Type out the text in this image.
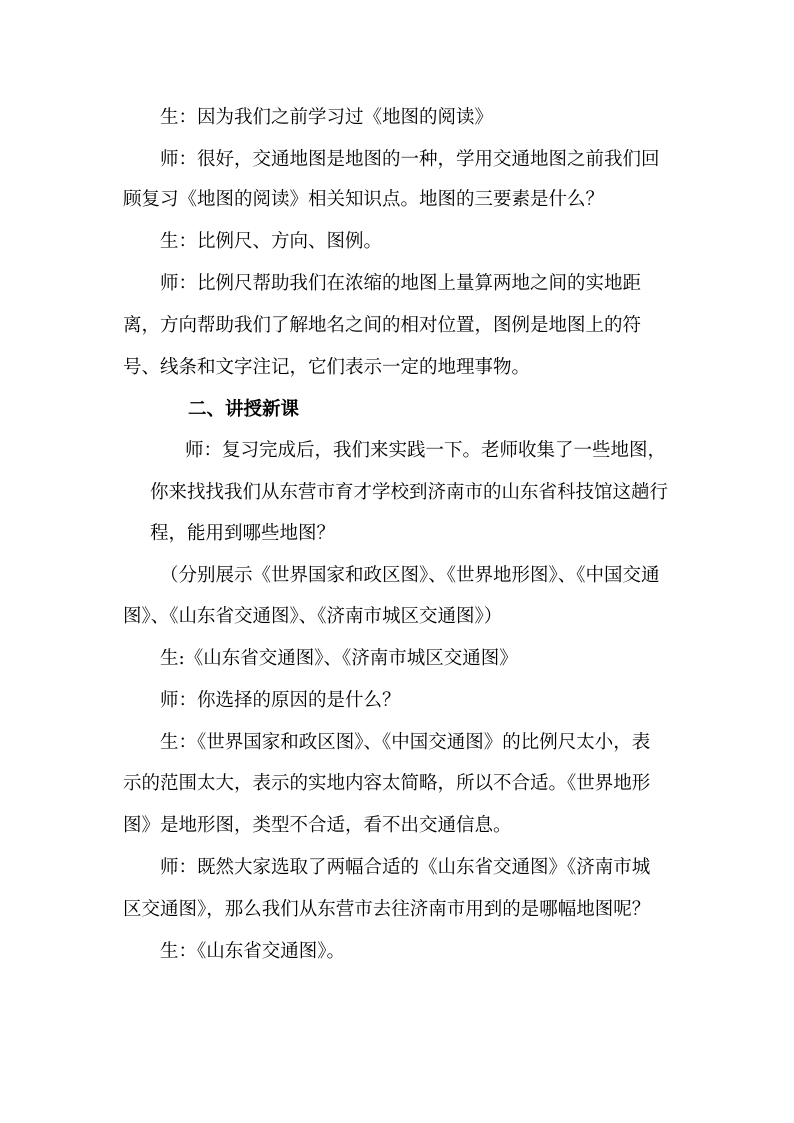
生：因为我们之前学习过《地图的阅读》
师：很好，交通地图是地图的一种，学用交通地图之前我们回
顾复习《地图的阅读》相关知识点。地图的三要素是什么？
生：比例尺、方向、图例。
师：比例尺帮助我们在浓缩的地图上量算两地之间的实地距
离，方向帮助我们了解地名之间的相对位置，图例是地图上的符
号、线条和文字注记，它们表示一定的地理事物。
二、讲授新课
师：复习完成后，我们来实践一下。老师收集了一些地图，
你来找找我们从东营市育才学校到济南市的山东省科技馆这趟行
程，能用到哪些地图？
（分别展示《世界国家和政区图》、《世界地形图》、《中国交通
图》、《山东省交通图》、《济南市城区交通图》）
生:《山东省交通图》、《济南市城区交通图》
师：你选择的原因的是什么？
生：《世界国家和政区图》、《中国交通图》的比例尺太小，表
示的范围太大，表示的实地内容太简略，所以不合适。《世界地形
图》是地形图，类型不合适，看不出交通信息。
师：既然大家选取了两幅合适的《山东省交通图》《济南市城
区交通图》，那么我们从东营市去往济南市用到的是哪幅地图呢？
生：《山东省交通图》。
